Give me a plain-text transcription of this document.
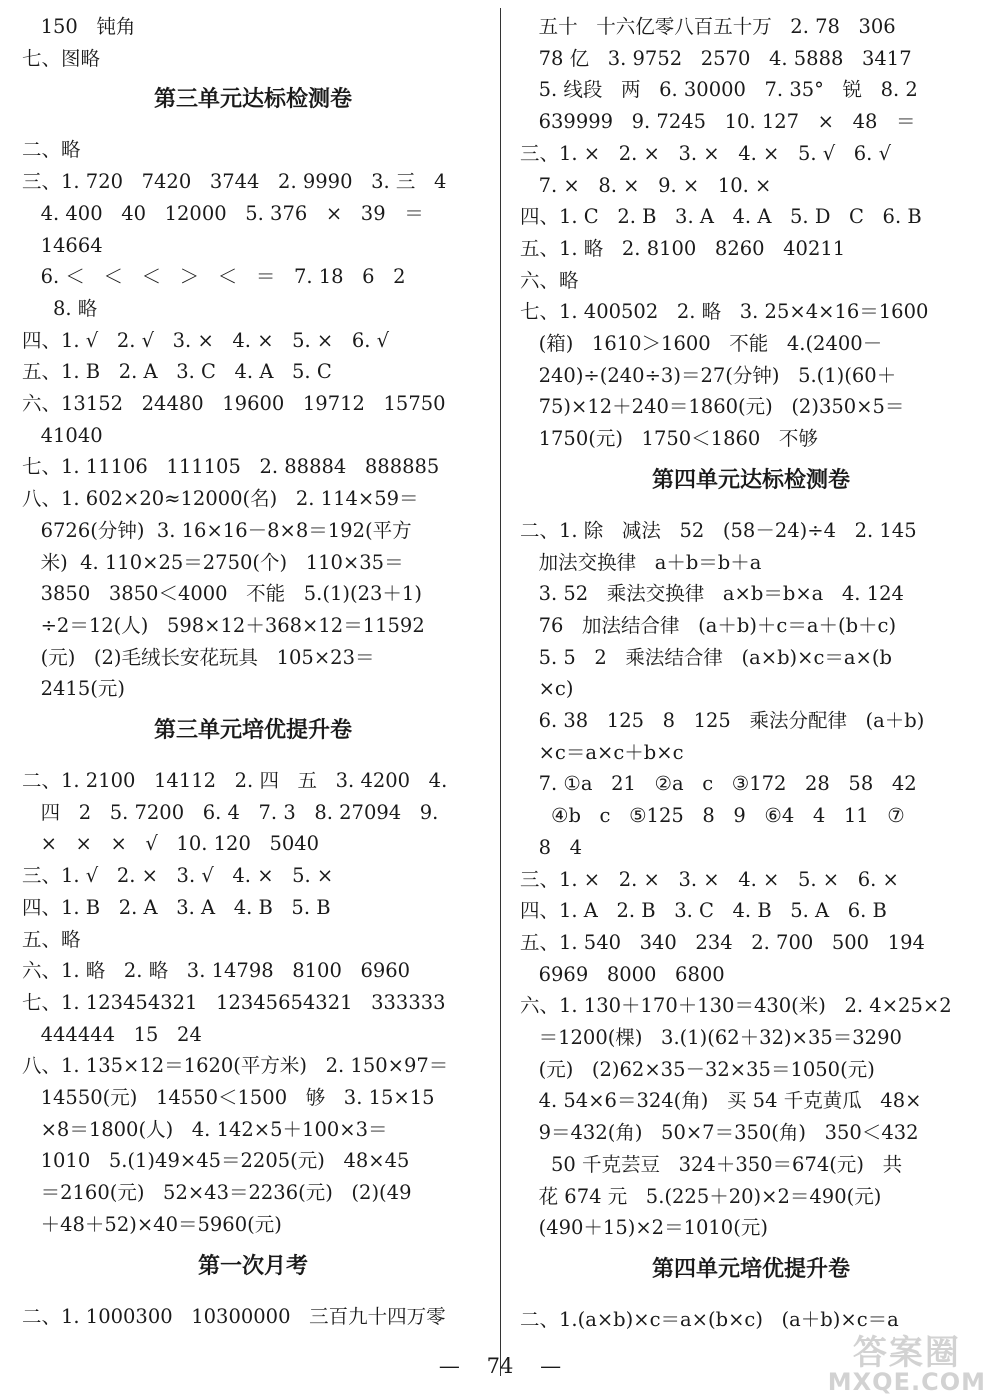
150   钝角
七、图略
第三单元达标检测卷
二、略
三、1. 720   7420   3744   2. 9990   3. 三   4
4. 400   40   12000   5. 376   ×   39   ＝
14664
6. ＜   ＜   ＜   ＞   ＜   ＝   7. 18   6   2
8. 略
四、1. √   2. √   3. ×   4. ×   5. ×   6. √
五、1. B   2. A   3. C   4. A   5. C
六、13152   24480   19600   19712   15750
41040
七、1. 11106   111105   2. 88884   888885
八、1. 602×20≈12000(名)   2. 114×59＝
6726(分钟)  3. 16×16－8×8＝192(平方
米)  4. 110×25＝2750(个)   110×35＝
3850   3850＜4000   不能   5.(1)(23＋1)
÷2＝12(人)   598×12＋368×12＝11592
(元)   (2)毛绒长安花玩具   105×23＝
2415(元)
第三单元培优提升卷
二、1. 2100   14112   2. 四   五   3. 4200   4.
四   2   5. 7200   6. 4   7. 3   8. 27094   9.
×   ×   ×   √   10. 120   5040
三、1. √   2. ×   3. √   4. ×   5. ×
四、1. B   2. A   3. A   4. B   5. B
五、略
六、1. 略   2. 略   3. 14798   8100   6960
七、1. 123454321   12345654321   333333
444444   15   24
八、1. 135×12＝1620(平方米)   2. 150×97＝
14550(元)   14550＜1500   够   3. 15×15
×8＝1800(人)   4. 142×5＋100×3＝
1010   5.(1)49×45＝2205(元)   48×45
＝2160(元)   52×43＝2236(元)   (2)(49
＋48＋52)×40＝5960(元)
第一次月考
二、1. 1000300   10300000   三百九十四万零
五十   十六亿零八百五十万   2. 78   306
78 亿   3. 9752   2570   4. 5888   3417
5. 线段   两   6. 30000   7. 35°   锐   8. 2
639999   9. 7245   10. 127   ×   48   ＝
三、1. ×   2. ×   3. ×   4. ×   5. √   6. √
7. ×   8. ×   9. ×   10. ×
四、1. C   2. B   3. A   4. A   5. D   C   6. B
五、1. 略   2. 8100   8260   40211
六、略
七、1. 400502   2. 略   3. 25×4×16＝1600
(箱)   1610＞1600   不能   4.(2400－
240)÷(240÷3)＝27(分钟)   5.(1)(60＋
75)×12＋240＝1860(元)   (2)350×5＝
1750(元)   1750＜1860   不够
第四单元达标检测卷
二、1. 除   减法   52   (58－24)÷4   2. 145
加法交换律   a＋b＝b＋a
3. 52   乘法交换律   a×b＝b×a   4. 124
76   加法结合律   (a＋b)＋c＝a＋(b＋c)
5. 5   2   乘法结合律   (a×b)×c＝a×(b
×c)
6. 38   125   8   125   乘法分配律   (a＋b)
×c＝a×c＋b×c
7. ①a   21   ②a   c   ③172   28   58   42
④b   c   ⑤125   8   9   ⑥4   4   11   ⑦
8   4
三、1. ×   2. ×   3. ×   4. ×   5. ×   6. ×
四、1. A   2. B   3. C   4. B   5. A   6. B
五、1. 540   340   234   2. 700   500   194
6969   8000   6800
六、1. 130＋170＋130＝430(米)   2. 4×25×2
＝1200(棵)   3.(1)(62＋32)×35＝3290
(元)   (2)62×35－32×35＝1050(元)
4. 54×6＝324(角)   买 54 千克黄瓜   48×
9＝432(角)   50×7＝350(角)   350＜432
50 千克芸豆   324＋350＝674(元)   共
花 674 元   5.(225＋20)×2＝490(元)
(490＋15)×2＝1010(元)
第四单元培优提升卷
二、1.(a×b)×c＝a×(b×c)   (a＋b)×c＝a
— 74 —	答案圈
MXQE.COM
